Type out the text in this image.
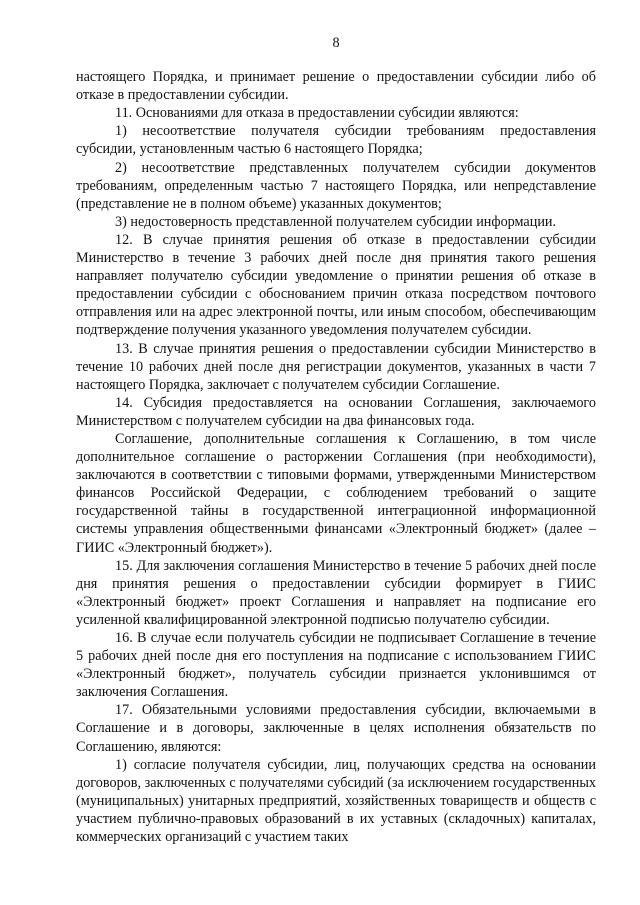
8

настоящего Порядка, и принимает решение о предоставлении субсидии либо об отказе в предоставлении субсидии.

11. Основаниями для отказа в предоставлении субсидии являются:

1) несоответствие получателя субсидии требованиям предоставления субсидии, установленным частью 6 настоящего Порядка;

2) несоответствие представленных получателем субсидии документов требованиям, определенным частью 7 настоящего Порядка, или непредставление (представление не в полном объеме) указанных документов;

3) недостоверность представленной получателем субсидии информации.

12. В случае принятия решения об отказе в предоставлении субсидии Министерство в течение 3 рабочих дней после дня принятия такого решения направляет получателю субсидии уведомление о принятии решения об отказе в предоставлении субсидии с обоснованием причин отказа посредством почтового отправления или на адрес электронной почты, или иным способом, обеспечивающим подтверждение получения указанного уведомления получателем субсидии.

13. В случае принятия решения о предоставлении субсидии Министерство в течение 10 рабочих дней после дня регистрации документов, указанных в части 7 настоящего Порядка, заключает с получателем субсидии Соглашение.

14. Субсидия предоставляется на основании Соглашения, заключаемого Министерством с получателем субсидии на два финансовых года.

Соглашение, дополнительные соглашения к Соглашению, в том числе дополнительное соглашение о расторжении Соглашения (при необходимости), заключаются в соответствии с типовыми формами, утвержденными Министерством финансов Российской Федерации, с соблюдением требований о защите государственной тайны в государственной интеграционной информационной системы управления общественными финансами «Электронный бюджет» (далее – ГИИС «Электронный бюджет»).

15. Для заключения соглашения Министерство в течение 5 рабочих дней после дня принятия решения о предоставлении субсидии формирует в ГИИС «Электронный бюджет» проект Соглашения и направляет на подписание его усиленной квалифицированной электронной подписью получателю субсидии.

16. В случае если получатель субсидии не подписывает Соглашение в течение 5 рабочих дней после дня его поступления на подписание с использованием ГИИС «Электронный бюджет», получатель субсидии признается уклонившимся от заключения Соглашения.

17. Обязательными условиями предоставления субсидии, включаемыми в Соглашение и в договоры, заключенные в целях исполнения обязательств по Соглашению, являются:

1) согласие получателя субсидии, лиц, получающих средства на основании договоров, заключенных с получателями субсидий (за исключением государственных (муниципальных) унитарных предприятий, хозяйственных товариществ и обществ с участием публично-правовых образований в их уставных (складочных) капиталах, коммерческих организаций с участием таких
